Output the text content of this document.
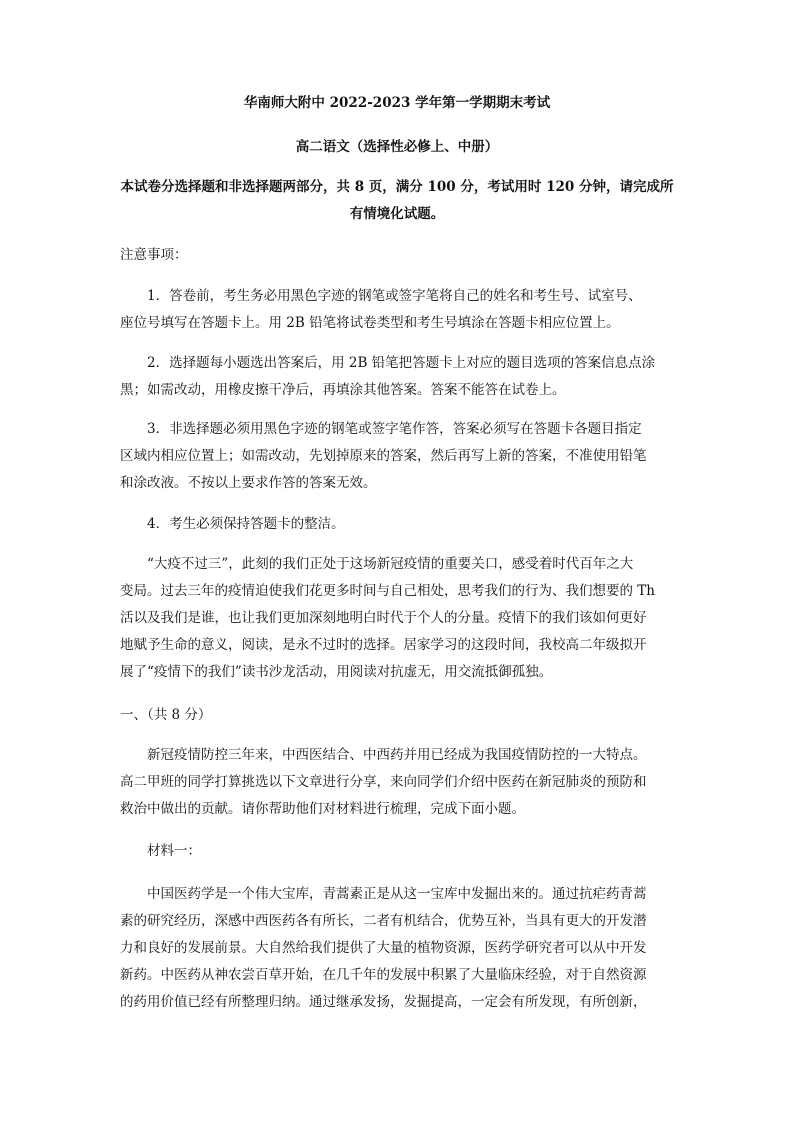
华南师大附中 2022-2023 学年第一学期期末考试
高二语文（选择性必修上、中册）
本试卷分选择题和非选择题两部分，共 8 页，满分 100 分，考试用时 120 分钟，请完成所
有情境化试题。
注意事项：
1．答卷前，考生务必用黑色字迹的钢笔或签字笔将自己的姓名和考生号、试室号、
座位号填写在答题卡上。用 2B 铅笔将试卷类型和考生号填涂在答题卡相应位置上。
2．选择题每小题选出答案后，用 2B 铅笔把答题卡上对应的题目选项的答案信息点涂
黑；如需改动，用橡皮擦干净后，再填涂其他答案。答案不能答在试卷上。
3．非选择题必须用黑色字迹的钢笔或签字笔作答，答案必须写在答题卡各题目指定
区域内相应位置上；如需改动，先划掉原来的答案，然后再写上新的答案，不准使用铅笔
和涂改液。不按以上要求作答的答案无效。
4．考生必须保持答题卡的整洁。
“大疫不过三”，此刻的我们正处于这场新冠疫情的重要关口，感受着时代百年之大
变局。过去三年的疫情迫使我们花更多时间与自己相处，思考我们的行为、我们想要的 Th
活以及我们是谁，也让我们更加深刻地明白时代于个人的分量。疫情下的我们该如何更好
地赋予生命的意义，阅读，是永不过时的选择。居家学习的这段时间，我校高二年级拟开
展了“疫情下的我们”读书沙龙活动，用阅读对抗虚无，用交流抵御孤独。
一、（共 8 分）
新冠疫情防控三年来，中西医结合、中西药并用已经成为我国疫情防控的一大特点。
高二甲班的同学打算挑选以下文章进行分享，来向同学们介绍中医药在新冠肺炎的预防和
救治中做出的贡献。请你帮助他们对材料进行梳理，完成下面小题。
材料一：
中国医药学是一个伟大宝库，青蒿素正是从这一宝库中发掘出来的。通过抗疟药青蒿
素的研究经历，深感中西医药各有所长，二者有机结合，优势互补，当具有更大的开发潜
力和良好的发展前景。大自然给我们提供了大量的植物资源，医药学研究者可以从中开发
新药。中医药从神农尝百草开始，在几千年的发展中积累了大量临床经验，对于自然资源
的药用价值已经有所整理归纳。通过继承发扬，发掘提高，一定会有所发现，有所创新，
